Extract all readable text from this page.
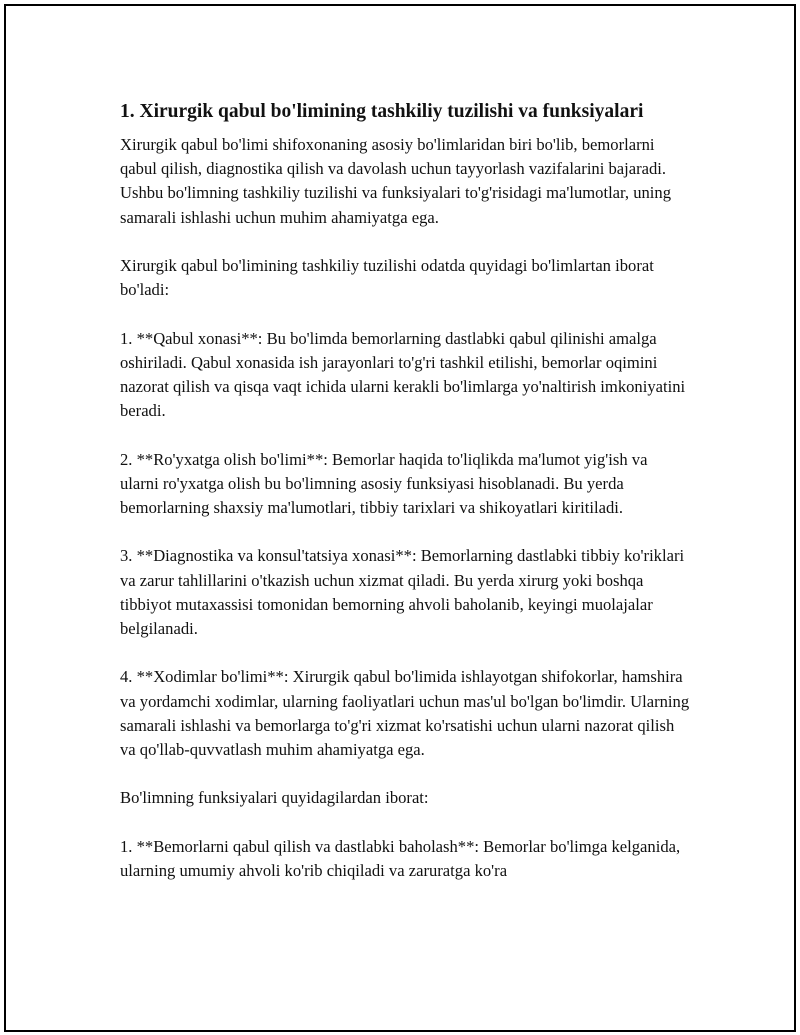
1. Xirurgik qabul bo'limining tashkiliy tuzilishi va funksiyalari

Xirurgik qabul bo'limi shifoxonaning asosiy bo'limlaridan biri bo'lib, bemorlarni qabul qilish, diagnostika qilish va davolash uchun tayyorlash vazifalarini bajaradi. Ushbu bo'limning tashkiliy tuzilishi va funksiyalari to'g'risidagi ma'lumotlar, uning samarali ishlashi uchun muhim ahamiyatga ega.

Xirurgik qabul bo'limining tashkiliy tuzilishi odatda quyidagi bo'limlartan iborat bo'ladi:

1. **Qabul xonasi**: Bu bo'limda bemorlarning dastlabki qabul qilinishi amalga oshiriladi. Qabul xonasida ish jarayonlari to'g'ri tashkil etilishi, bemorlar oqimini nazorat qilish va qisqa vaqt ichida ularni kerakli bo'limlarga yo'naltirish imkoniyatini beradi.

2. **Ro'yxatga olish bo'limi**: Bemorlar haqida to'liqlikda ma'lumot yig'ish va ularni ro'yxatga olish bu bo'limning asosiy funksiyasi hisoblanadi. Bu yerda bemorlarning shaxsiy ma'lumotlari, tibbiy tarixlari va shikoyatlari kiritiladi.

3. **Diagnostika va konsul'tatsiya xonasi**: Bemorlarning dastlabki tibbiy ko'riklari va zarur tahlillarini o'tkazish uchun xizmat qiladi. Bu yerda xirurg yoki boshqa tibbiyot mutaxassisi tomonidan bemorning ahvoli baholanib, keyingi muolajalar belgilanadi.

4. **Xodimlar bo'limi**: Xirurgik qabul bo'limida ishlayotgan shifokorlar, hamshira va yordamchi xodimlar, ularning faoliyatlari uchun mas'ul bo'lgan bo'limdir. Ularning samarali ishlashi va bemorlarga to'g'ri xizmat ko'rsatishi uchun ularni nazorat qilish va qo'llab-quvvatlash muhim ahamiyatga ega.

Bo'limning funksiyalari quyidagilardan iborat:

1. **Bemorlarni qabul qilish va dastlabki baholash**: Bemorlar bo'limga kelganida, ularning umumiy ahvoli ko'rib chiqiladi va zaruratga ko'ra
